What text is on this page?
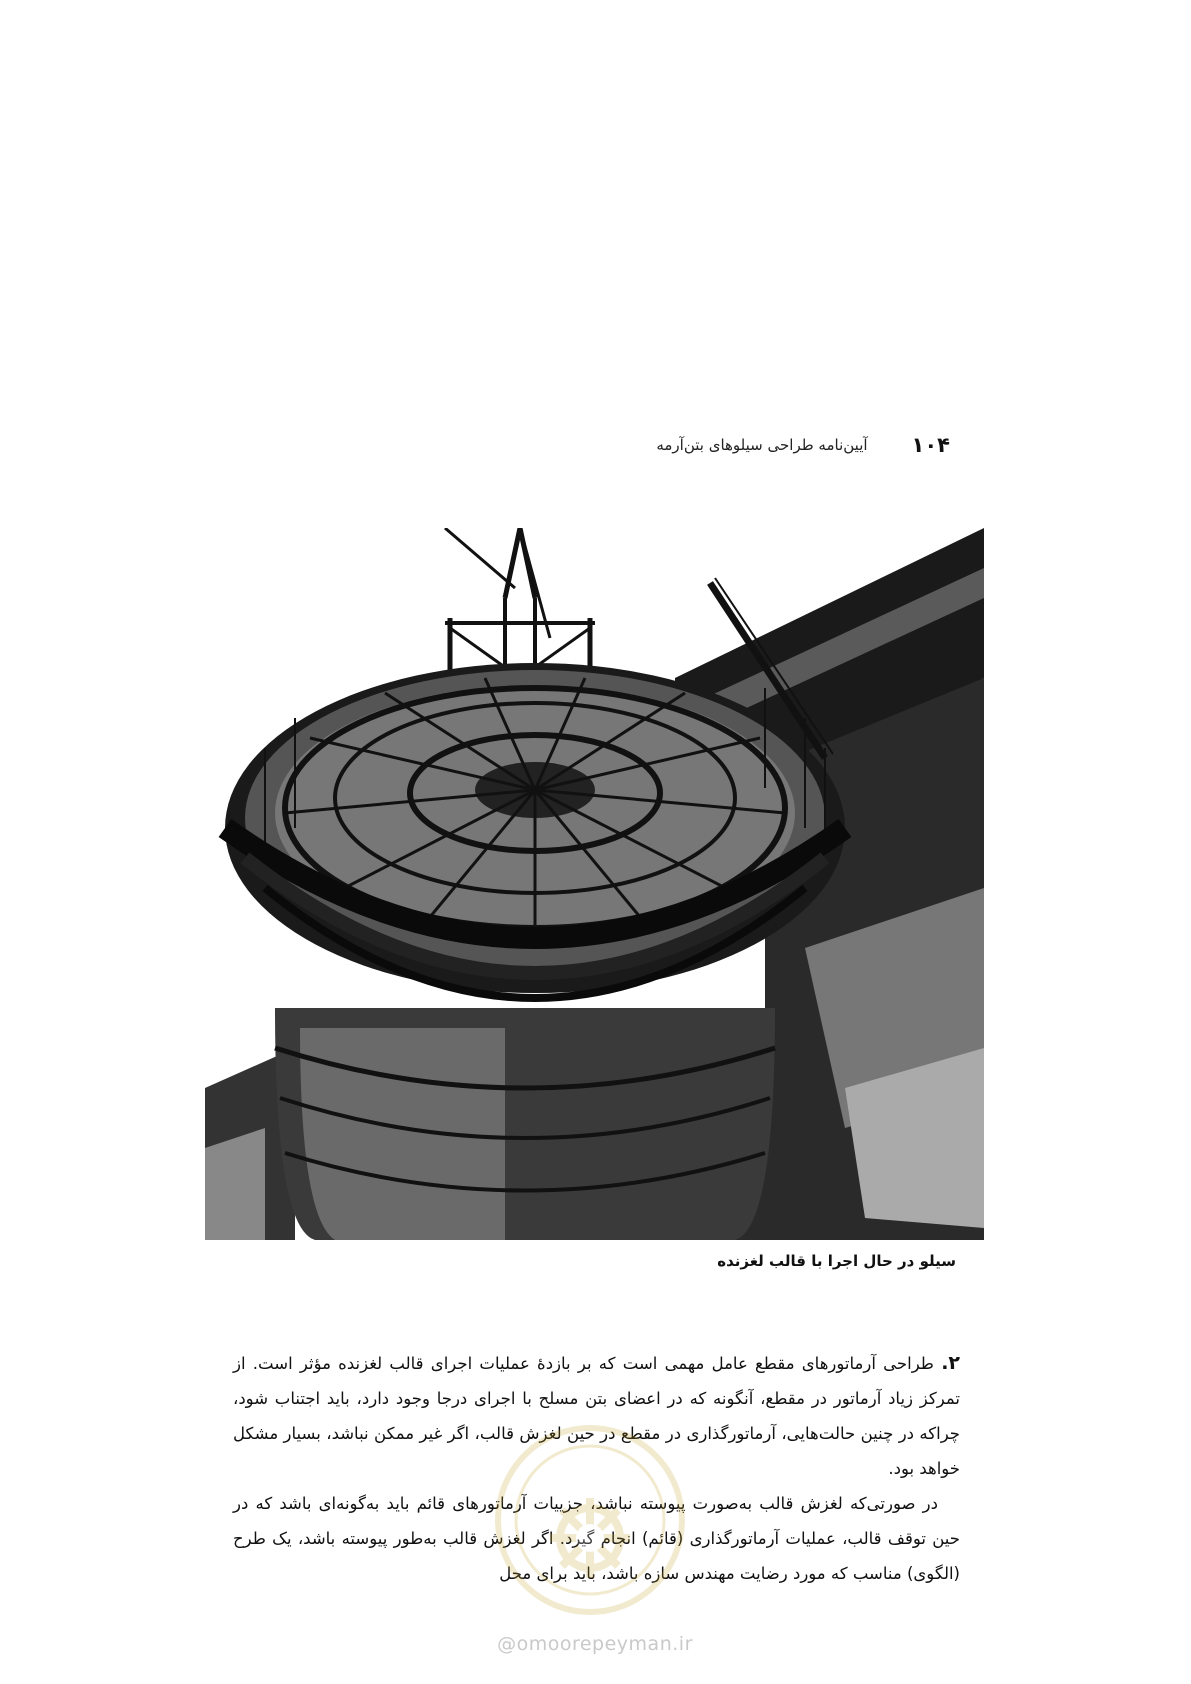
۱۰۴
آیین‌نامه طراحی سیلوهای بتن‌آرمه
سیلو در حال اجرا با قالب لغزنده

۲. طراحی آرماتورهای مقطع عامل مهمی است که بر بازدهٔ عملیات اجرای قالب لغزنده مؤثر است. از تمرکز زیاد آرماتور در مقطع، آنگونه که در اعضای بتن مسلح با اجرای درجا وجود دارد، باید اجتناب شود، چراکه در چنین حالت‌هایی، آرماتورگذاری در مقطع در حین لغزش قالب، اگر غیر ممکن نباشد، بسیار مشکل خواهد بود.

در صورتی‌که لغزش قالب به‌صورت پیوسته نباشد، جزییات آرماتورهای قائم باید به‌گونه‌ای باشد که در حین توقف قالب، عملیات آرماتورگذاری (قائم) انجام گیرد. اگر لغزش قالب به‌طور پیوسته باشد، یک طرح (الگوی) مناسب که مورد رضایت مهندس سازه باشد، باید برای محل

@omoorepeyman.ir
